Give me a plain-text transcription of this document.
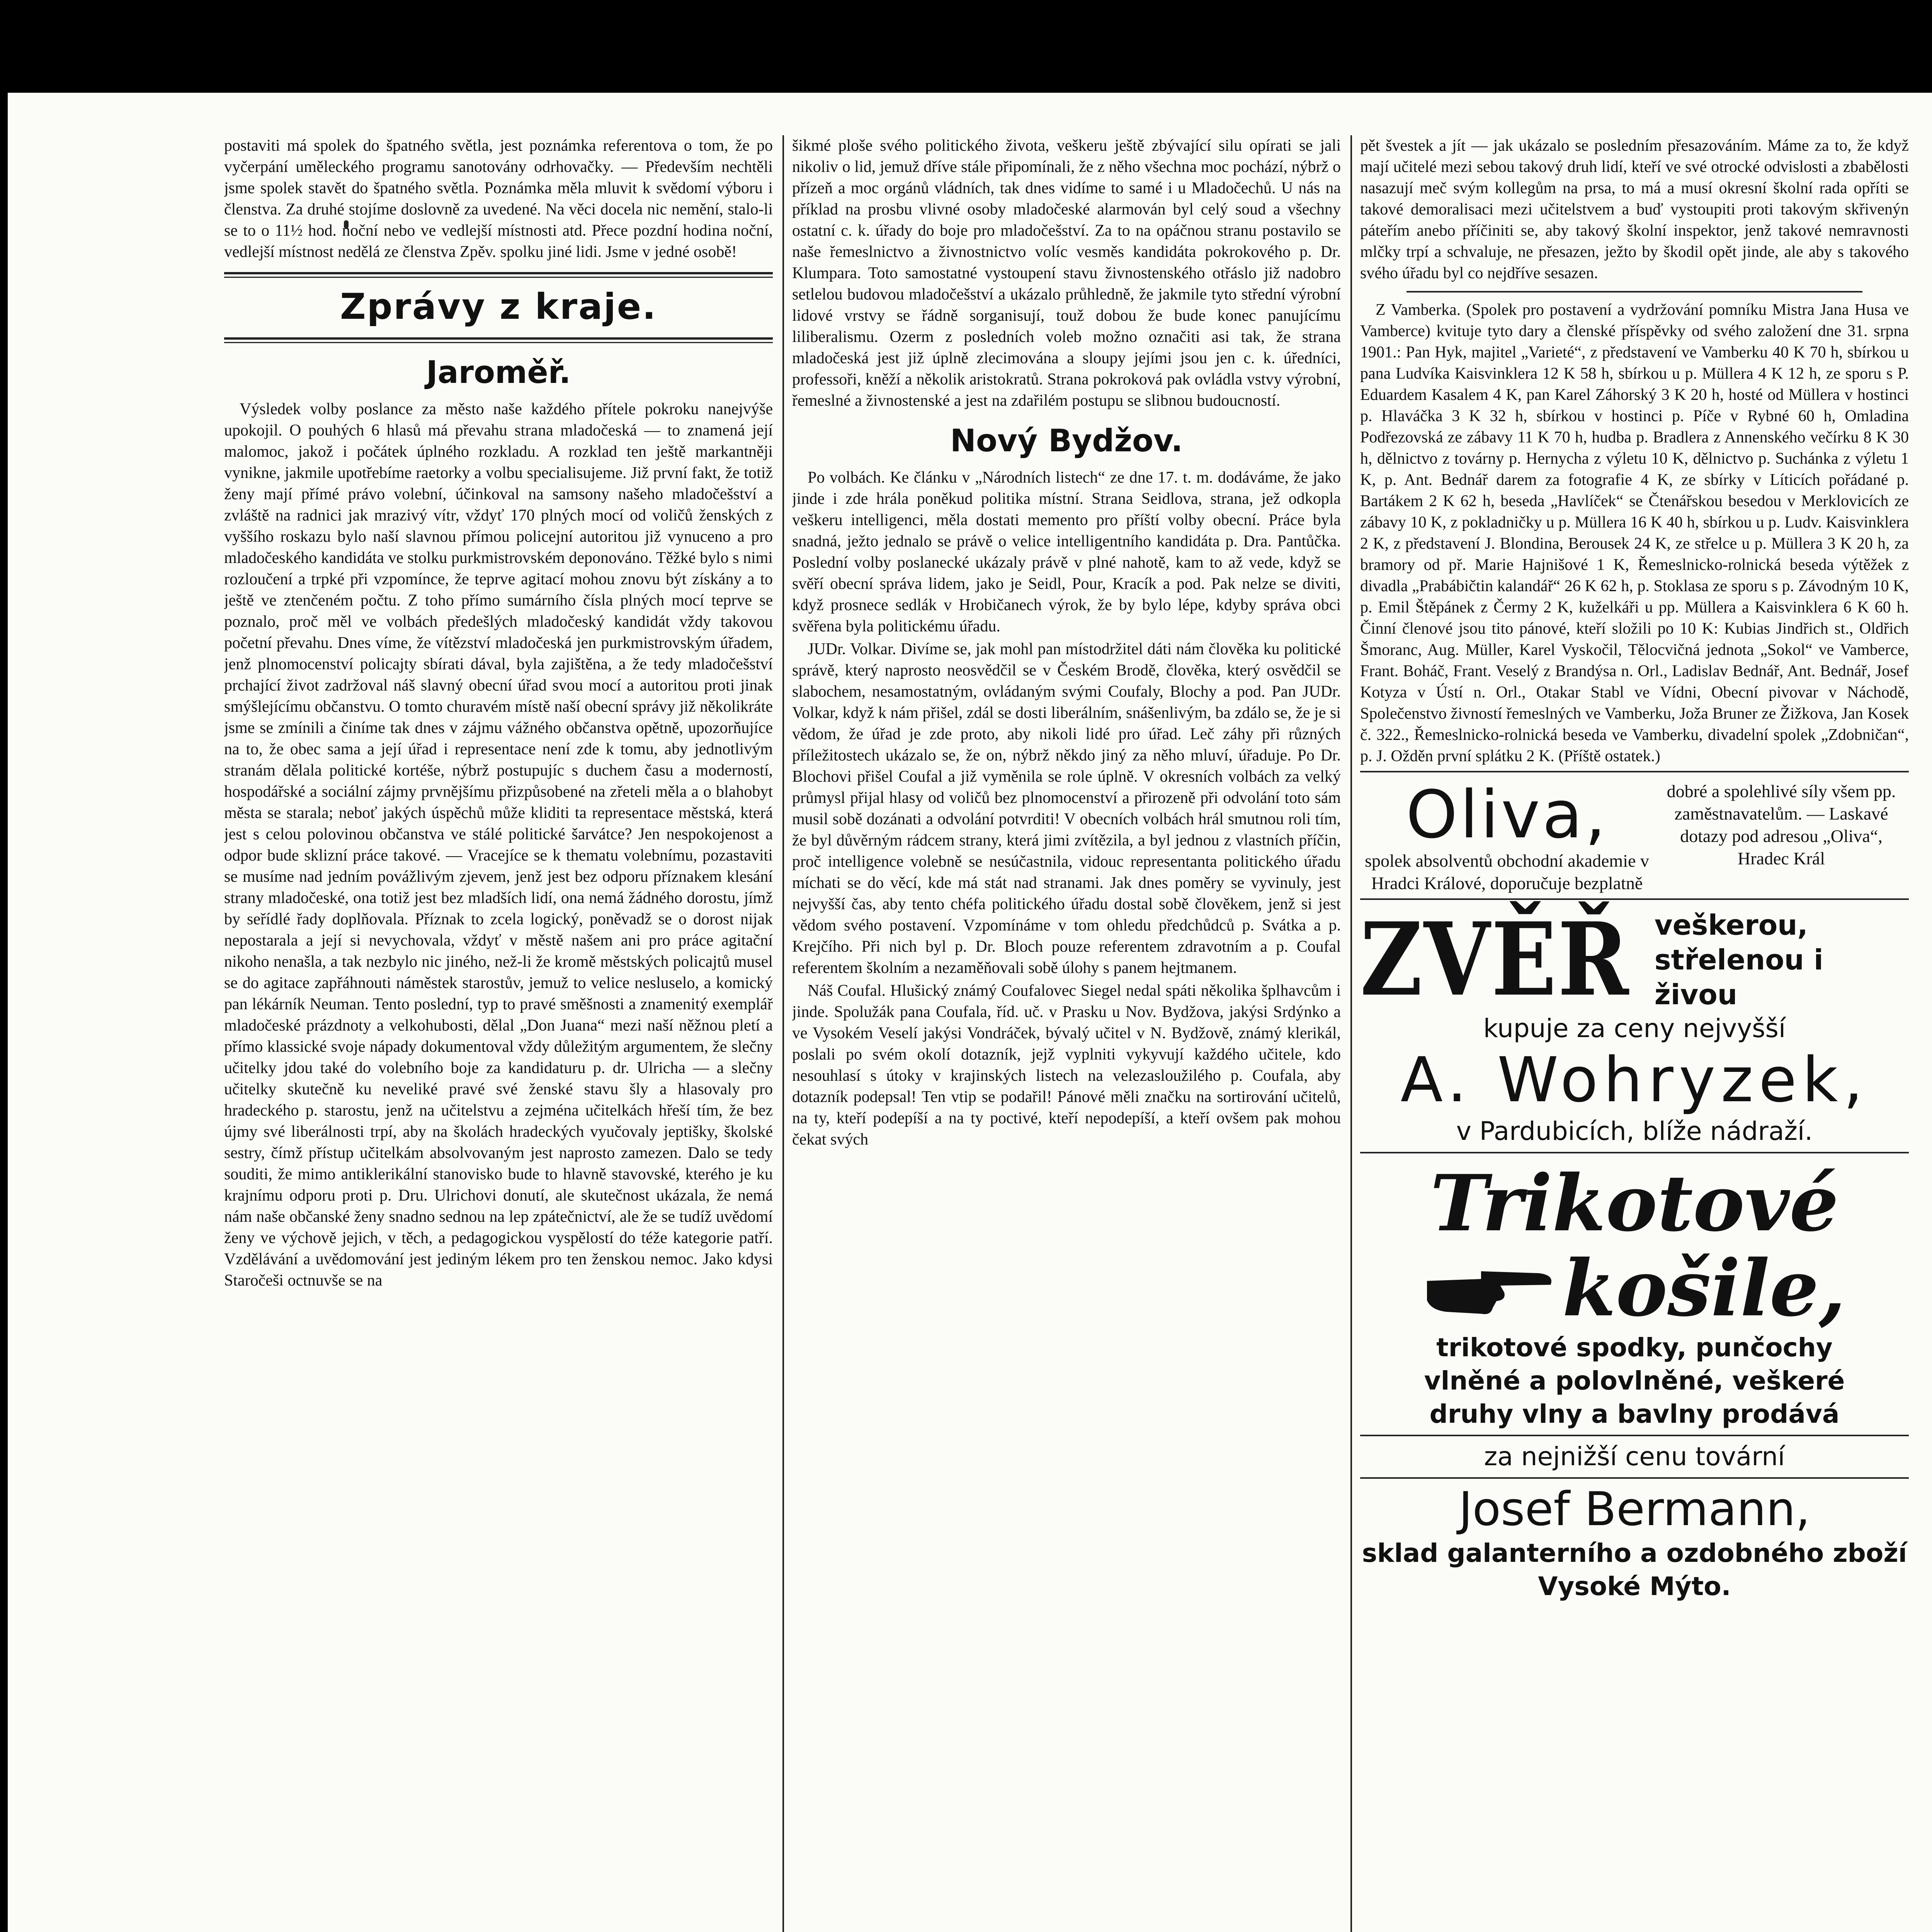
postaviti má spolek do špatného světla, jest poznámka referentova o tom, že po vyčerpání uměleckého programu sanotovány odrhovačky. — Především nechtěli jsme spolek stavět do špatného světla. Poznámka měla mluvit k svědomí výboru i členstva. Za druhé stojíme doslovně za uvedené. Na věci docela nic nemění, stalo-li se to o 11½ hod. noční nebo ve vedlejší místnosti atd. Přece pozdní hodina noční, vedlejší místnost nedělá ze členstva Zpěv. spolku jiné lidi. Jsme v jedné osobě!

Zprávy z kraje.
Jaroměř.

Výsledek volby poslance za město naše každého přítele pokroku nanejvýše upokojil. O pouhých 6 hlasů má převahu strana mladočeská — to znamená její malomoc, jakož i počátek úplného rozkladu. A rozklad ten ještě markantněji vynikne, jakmile upotřebíme raetorky a volbu specialisujeme. Již první fakt, že totiž ženy mají přímé právo volební, účinkoval na samsony našeho mladočešství a zvláště na radnici jak mrazivý vítr, vždyť 170 plných mocí od voličů ženských z vyššího roskazu bylo naší slavnou přímou policejní autoritou již vynuceno a pro mladočeského kandidáta ve stolku purkmistrovském deponováno. Těžké bylo s nimi rozloučení a trpké při vzpomínce, že teprve agitací mohou znovu být získány a to ještě ve ztenčeném počtu. Z toho přímo sumárního čísla plných mocí teprve se poznalo, proč měl ve volbách předešlých mladočeský kandidát vždy takovou početní převahu. Dnes víme, že vítězství mladočeská jen purkmistrovským úřadem, jenž plnomocenství policajty sbírati dával, byla zajištěna, a že tedy mladočešství prchající život zadržoval náš slavný obecní úřad svou mocí a autoritou proti jinak smýšlejícímu občanstvu. O tomto churavém místě naší obecní správy již několikráte jsme se zmínili a činíme tak dnes v zájmu vážného občanstva opětně, upozorňujíce na to, že obec sama a její úřad i representace není zde k tomu, aby jednotlivým stranám dělala politické kortéše, nýbrž postupujíc s duchem času a moderností, hospodářské a sociální zájmy prvnějšímu přizpůsobené na zřeteli měla a o blahobyt města se starala; neboť jakých úspěchů může kliditi ta representace městská, která jest s celou polovinou občanstva ve stálé politické šarvátce? Jen nespokojenost a odpor bude sklizní práce takové. — Vracejíce se k thematu volebnímu, pozastaviti se musíme nad jedním povážlivým zjevem, jenž jest bez odporu příznakem klesání strany mladočeské, ona totiž jest bez mladších lidí, ona nemá žádného dorostu, jímž by seřídlé řady doplňovala. Příznak to zcela logický, poněvadž se o dorost nijak nepostarala a její si nevychovala, vždyť v městě našem ani pro práce agitační nikoho nenašla, a tak nezbylo nic jiného, než-li že kromě městských policajtů musel se do agitace zapřáhnouti náměstek starostův, jemuž to velice nesluselo, a komický pan lékárník Neuman. Tento poslední, typ to pravé směšnosti a znamenitý exemplář mladočeské prázdnoty a velkohubosti, dělal „Don Juana“ mezi naší něžnou pletí a přímo klassické svoje nápady dokumentoval vždy důležitým argumentem, že slečny učitelky jdou také do volebního boje za kandidaturu p. dr. Ulricha — a slečny učitelky skutečně ku neveliké pravé své ženské stavu šly a hlasovaly pro hradeckého p. starostu, jenž na učitelstvu a zejména učitelkách hřeší tím, že bez újmy své liberálnosti trpí, aby na školách hradeckých vyučovaly jeptišky, školské sestry, čímž přístup učitelkám absolvovaným jest naprosto zamezen. Dalo se tedy souditi, že mimo antiklerikální stanovisko bude to hlavně stavovské, kterého je ku krajnímu odporu proti p. Dru. Ulrichovi donutí, ale skutečnost ukázala, že nemá nám naše občanské ženy snadno sednou na lep zpátečnictví, ale že se tudíž uvědomí ženy ve výchově jejich, v těch, a pedagogickou vyspělostí do téže kategorie patří. Vzdělávání a uvědomování jest jediným lékem pro ten ženskou nemoc. Jako kdysi Staročeši octnuvše se na

šikmé ploše svého politického života, veškeru ještě zbývající silu opírati se jali nikoliv o lid, jemuž dříve stále připomínali, že z něho všechna moc pochází, nýbrž o přízeň a moc orgánů vládních, tak dnes vidíme to samé i u Mladočechů. U nás na příklad na prosbu vlivné osoby mladočeské alarmován byl celý soud a všechny ostatní c. k. úřady do boje pro mladočešství. Za to na opáčnou stranu postavilo se naše řemeslnictvo a živnostnictvo volíc vesměs kandidáta pokrokového p. Dr. Klumpara. Toto samostatné vystoupení stavu živnostenského otřáslo již nadobro setlelou budovou mladočešství a ukázalo průhledně, že jakmile tyto střední výrobní lidové vrstvy se řádně sorganisují, touž dobou že bude konec panujícímu liliberalismu. Ozerm z posledních voleb možno označiti asi tak, že strana mladočeská jest již úplně zlecimována a sloupy jejími jsou jen c. k. úředníci, professoři, kněží a několik aristokratů. Strana pokroková pak ovládla vstvy výrobní, řemeslné a živnostenské a jest na zdařilém postupu se slibnou budoucností.

Nový Bydžov.

Po volbách. Ke článku v „Národních listech“ ze dne 17. t. m. dodáváme, že jako jinde i zde hrála poněkud politika místní. Strana Seidlova, strana, jež odkopla veškeru intelligenci, měla dostati memento pro příští volby obecní. Práce byla snadná, ježto jednalo se právě o velice intelligentního kandidáta p. Dra. Pantůčka. Poslední volby poslanecké ukázaly právě v plné nahotě, kam to až vede, když se svěří obecní správa lidem, jako je Seidl, Pour, Kracík a pod. Pak nelze se diviti, když prosnece sedlák v Hrobičanech výrok, že by bylo lépe, kdyby správa obci svěřena byla politickému úřadu.

JUDr. Volkar. Divíme se, jak mohl pan místodržitel dáti nám člověka ku politické správě, který naprosto neosvědčil se v Českém Brodě, člověka, který osvědčil se slabochem, nesamostatným, ovládaným svými Coufaly, Blochy a pod. Pan JUDr. Volkar, když k nám přišel, zdál se dosti liberálním, snášenlivým, ba zdálo se, že je si vědom, že úřad je zde proto, aby nikoli lidé pro úřad. Leč záhy při různých příležitostech ukázalo se, že on, nýbrž někdo jiný za něho mluví, úřaduje. Po Dr. Blochovi přišel Coufal a již vyměnila se role úplně. V okresních volbách za velký průmysl přijal hlasy od voličů bez plnomocenství a přirozeně při odvolání toto sám musil sobě dozánati a odvolání potvrditi! V obecních volbách hrál smutnou roli tím, že byl důvěrným rádcem strany, která jimi zvítězila, a byl jednou z vlastních příčin, proč intelligence volebně se nesúčastnila, vidouc representanta politického úřadu míchati se do věcí, kde má stát nad stranami. Jak dnes poměry se vyvinuly, jest nejvyšší čas, aby tento chéfa politického úřadu dostal sobě člověkem, jenž si jest vědom svého postavení. Vzpomínáme v tom ohledu předchůdců p. Svátka a p. Krejčího. Při nich byl p. Dr. Bloch pouze referentem zdravotním a p. Coufal referentem školním a nezaměňovali sobě úlohy s panem hejtmanem.

Náš Coufal. Hlušický známý Coufalovec Siegel nedal spáti několika šplhavcům i jinde. Spolužák pana Coufala, říd. uč. v Prasku u Nov. Bydžova, jakýsi Srdýnko a ve Vysokém Veselí jakýsi Vondráček, bývalý učitel v N. Bydžově, známý klerikál, poslali po svém okolí dotazník, jejž vyplniti vykyvují každého učitele, kdo nesouhlasí s útoky v krajinských listech na velezasloužilého p. Coufala, aby dotazník podepsal! Ten vtip se podařil! Pánové měli značku na sortirování učitelů, na ty, kteří podepíší a na ty poctivé, kteří nepodepíší, a kteří ovšem pak mohou čekat svých

pět švestek a jít — jak ukázalo se posledním přesazováním. Máme za to, že když mají učitelé mezi sebou takový druh lidí, kteří ve své otrocké odvislosti a zbabělosti nasazují meč svým kollegům na prsa, to má a musí okresní školní rada opříti se takové demoralisaci mezi učitelstvem a buď vystoupiti proti takovým skřivenýn páteřím anebo příčiniti se, aby takový školní inspektor, jenž takové nemravnosti mlčky trpí a schvaluje, ne přesazen, ježto by škodil opět jinde, ale aby s takového svého úřadu byl co nejdříve sesazen.

Z Vamberka. (Spolek pro postavení a vydržování pomníku Mistra Jana Husa ve Vamberce) kvituje tyto dary a členské příspěvky od svého založení dne 31. srpna 1901.: Pan Hyk, majitel „Varieté“, z představení ve Vamberku 40 K 70 h, sbírkou u pana Ludvíka Kaisvinklera 12 K 58 h, sbírkou u p. Müllera 4 K 12 h, ze sporu s P. Eduardem Kasalem 4 K, pan Karel Záhorský 3 K 20 h, hosté od Müllera v hostinci p. Hlaváčka 3 K 32 h, sbírkou v hostinci p. Píče v Rybné 60 h, Omladina Podřezovská ze zábavy 11 K 70 h, hudba p. Bradlera z Annenského večírku 8 K 30 h, dělnictvo z továrny p. Hernycha z výletu 10 K, dělnictvo p. Suchánka z výletu 1 K, p. Ant. Bednář darem za fotografie 4 K, ze sbírky v Líticích pořádané p. Bartákem 2 K 62 h, beseda „Havlíček“ se Čtenářskou besedou v Merklovicích ze zábavy 10 K, z pokladničky u p. Müllera 16 K 40 h, sbírkou u p. Ludv. Kaisvinklera 2 K, z představení J. Blondina, Berousek 24 K, ze střelce u p. Müllera 3 K 20 h, za bramory od př. Marie Hajnišové 1 K, Řemeslnicko-rolnická beseda výtěžek z divadla „Prabábičtin kalandář“ 26 K 62 h, p. Stoklasa ze sporu s p. Závodným 10 K, p. Emil Štěpánek z Čermy 2 K, kuželkáři u pp. Müllera a Kaisvinklera 6 K 60 h. Činní členové jsou tito pánové, kteří složili po 10 K: Kubias Jindřich st., Oldřich Šmoranc, Aug. Müller, Karel Vyskočil, Tělocvičná jednota „Sokol“ ve Vamberce, Frant. Boháč, Frant. Veselý z Brandýsa n. Orl., Ladislav Bednář, Ant. Bednář, Josef Kotyza v Ústí n. Orl., Otakar Stabl ve Vídni, Obecní pivovar v Náchodě, Společenstvo živností řemeslných ve Vamberku, Joža Bruner ze Žižkova, Jan Kosek č. 322., Řemeslnicko-rolnická beseda ve Vamberku, divadelní spolek „Zdobničan“, p. J. Ožděn první splátku 2 K. (Příště ostatek.)

Oliva,
spolek absolventů obchodní akademie v Hradci Králové, doporučuje bezplatně
dobré a spolehlivé síly všem pp. zaměstnavatelům. — Laskavé dotazy pod adresou „Oliva“, Hradec Král
ZVĚŘ veškerou, střelenou i živou
kupuje za ceny nejvyšší
A. Wohryzek,
v Pardubicích, blíže nádraží.
Trikotové
košile,
trikotové spodky, punčochy
vlněné a polovlněné, veškeré
druhy vlny a bavlny prodává
za nejnižší cenu tovární
Josef Bermann,
sklad galanterního a ozdobného zboží
Vysoké Mýto.
